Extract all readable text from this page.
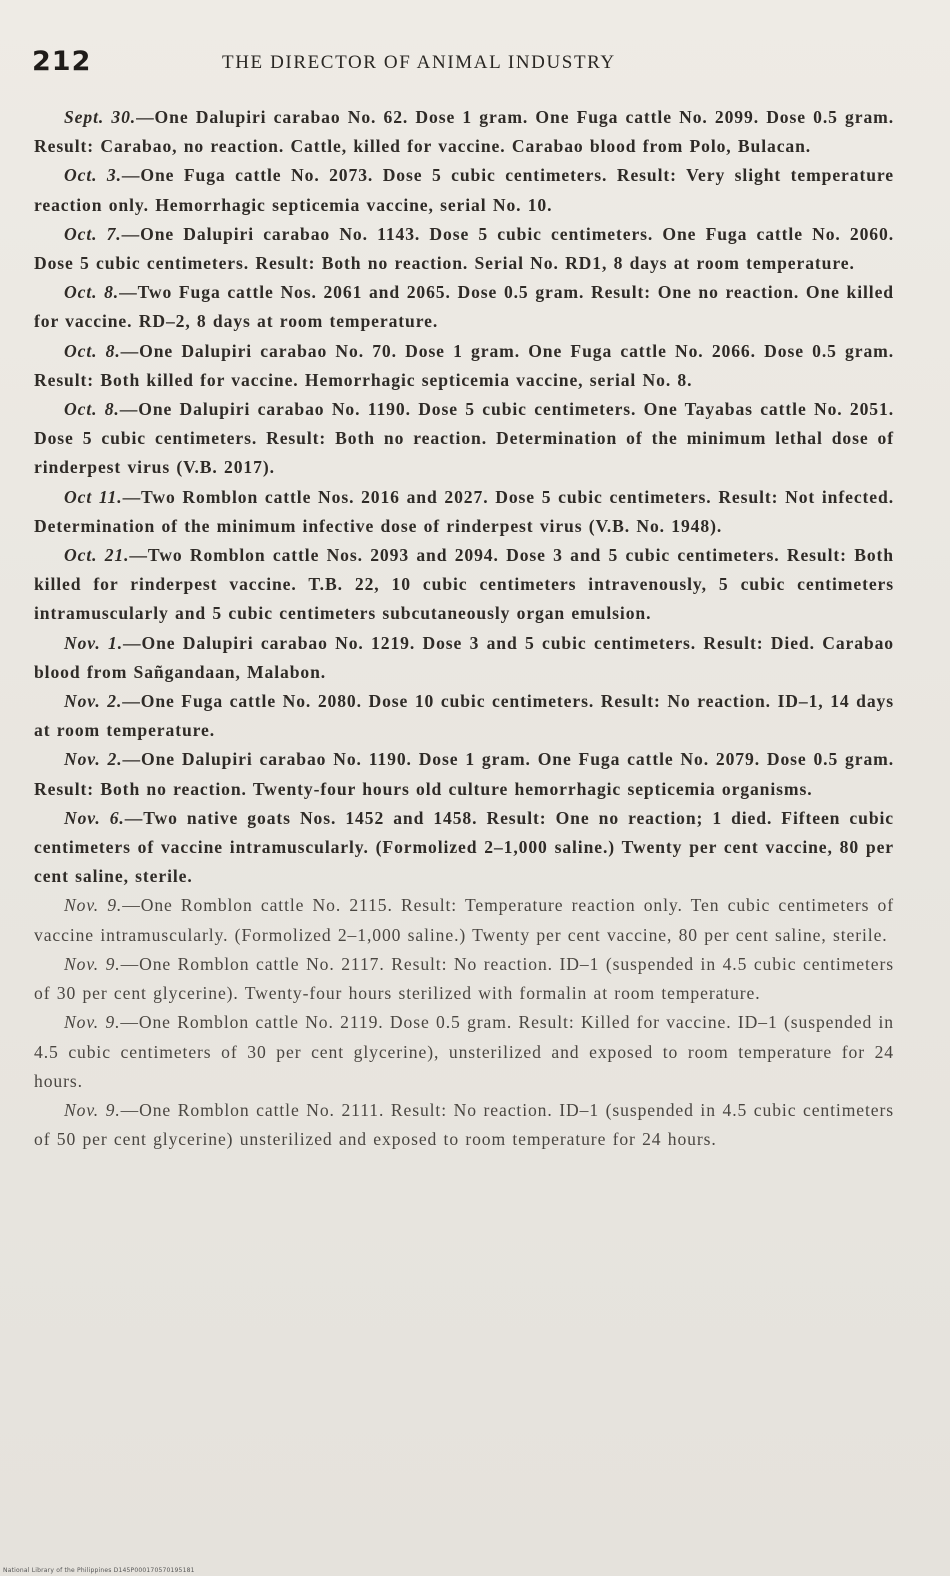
212	THE DIRECTOR OF ANIMAL INDUSTRY

Sept. 30.—One Dalupiri carabao No. 62. Dose 1 gram. One Fuga cattle No. 2099. Dose 0.5 gram. Result: Carabao, no reaction. Cattle, killed for vaccine. Carabao blood from Polo, Bulacan.

Oct. 3.—One Fuga cattle No. 2073. Dose 5 cubic centimeters. Result: Very slight temperature reaction only. Hemorrhagic septicemia vaccine, serial No. 10.

Oct. 7.—One Dalupiri carabao No. 1143. Dose 5 cubic centimeters. One Fuga cattle No. 2060. Dose 5 cubic centimeters. Result: Both no reaction. Serial No. RD1, 8 days at room temperature.

Oct. 8.—Two Fuga cattle Nos. 2061 and 2065. Dose 0.5 gram. Result: One no reaction. One killed for vaccine. RD–2, 8 days at room temperature.

Oct. 8.—One Dalupiri carabao No. 70. Dose 1 gram. One Fuga cattle No. 2066. Dose 0.5 gram. Result: Both killed for vaccine. Hemorrhagic septicemia vaccine, serial No. 8.

Oct. 8.—One Dalupiri carabao No. 1190. Dose 5 cubic centimeters. One Tayabas cattle No. 2051. Dose 5 cubic centimeters. Result: Both no reaction. Determination of the minimum lethal dose of rinderpest virus (V.B. 2017).

Oct 11.—Two Romblon cattle Nos. 2016 and 2027. Dose 5 cubic centimeters. Result: Not infected. Determination of the minimum infective dose of rinderpest virus (V.B. No. 1948).

Oct. 21.—Two Romblon cattle Nos. 2093 and 2094. Dose 3 and 5 cubic centimeters. Result: Both killed for rinderpest vaccine. T.B. 22, 10 cubic centimeters intravenously, 5 cubic centimeters intramuscularly and 5 cubic centimeters subcutaneously organ emulsion.

Nov. 1.—One Dalupiri carabao No. 1219. Dose 3 and 5 cubic centimeters. Result: Died. Carabao blood from Sañgandaan, Malabon.

Nov. 2.—One Fuga cattle No. 2080. Dose 10 cubic centimeters. Result: No reaction. ID–1, 14 days at room temperature.

Nov. 2.—One Dalupiri carabao No. 1190. Dose 1 gram. One Fuga cattle No. 2079. Dose 0.5 gram. Result: Both no reaction. Twenty-four hours old culture hemorrhagic septicemia organisms.

Nov. 6.—Two native goats Nos. 1452 and 1458. Result: One no reaction; 1 died. Fifteen cubic centimeters of vaccine intramuscularly. (Formolized 2–1,000 saline.) Twenty per cent vaccine, 80 per cent saline, sterile.

Nov. 9.—One Romblon cattle No. 2115. Result: Temperature reaction only. Ten cubic centimeters of vaccine intramuscularly. (Formolized 2–1,000 saline.) Twenty per cent vaccine, 80 per cent saline, sterile.

Nov. 9.—One Romblon cattle No. 2117. Result: No reaction. ID–1 (suspended in 4.5 cubic centimeters of 30 per cent glycerine). Twenty-four hours sterilized with formalin at room temperature.

Nov. 9.—One Romblon cattle No. 2119. Dose 0.5 gram. Result: Killed for vaccine. ID–1 (suspended in 4.5 cubic centimeters of 30 per cent glycerine), unsterilized and exposed to room temperature for 24 hours.

Nov. 9.—One Romblon cattle No. 2111. Result: No reaction. ID–1 (suspended in 4.5 cubic centimeters of 50 per cent glycerine) unsterilized and exposed to room temperature for 24 hours.

National Library of the Philippines D145P000170570195181
